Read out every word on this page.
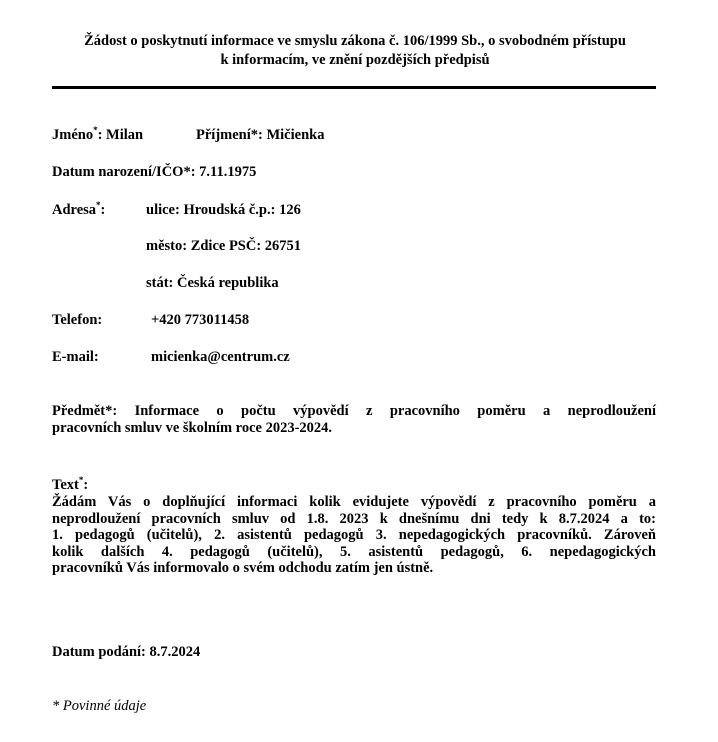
Žádost o poskytnutí informace ve smyslu zákona č. 106/1999 Sb., o svobodném přístupu
k informacím, ve znění pozdějších předpisů
Jméno*: Milan	Příjmení*: Mičienka
Datum narození/IČO*: 7.11.1975
Adresa*:	ulice: Hroudská č.p.: 126
město: Zdice PSČ: 26751
stát: Česká republika
Telefon:	+420 773011458
E-mail:	micienka@centrum.cz
Předmět*: Informace o počtu výpovědí z pracovního poměru a neprodloužení
pracovních smluv ve školním roce 2023-2024.
Text*:
Žádám Vás o doplňující informaci kolik evidujete výpovědí z pracovního poměru a
neprodloužení pracovních smluv od 1.8. 2023 k dnešnímu dni tedy k 8.7.2024 a to:
1. pedagogů (učitelů), 2. asistentů pedagogů 3. nepedagogických pracovníků. Zároveň
kolik dalších 4. pedagogů (učitelů), 5. asistentů pedagogů, 6. nepedagogických
pracovníků Vás informovalo o svém odchodu zatím jen ústně.
Datum podání: 8.7.2024
* Povinné údaje
